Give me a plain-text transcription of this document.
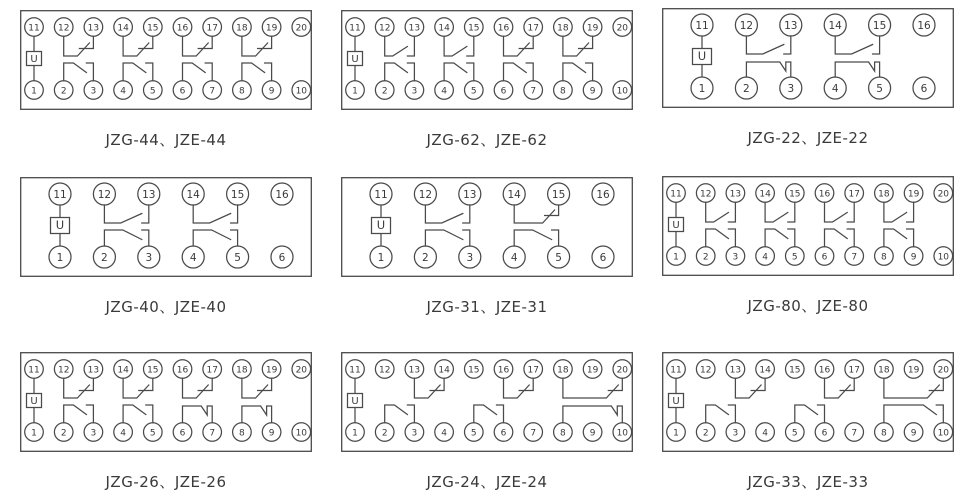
U
11 12 13 14 15 16 17 18 19 20
1	2	3	4	5	6	7	8	9 10
JZG-44、JZE-44
U
11 12 13 14 15 16 17 18 19 20
1	2	3	4	5	6	7	8	9 10
JZG-62、JZE-62
U
11	12	13	14	15	16
1	2	3	4	5	6
JZG-22、JZE-22
U
11	12	13	14	15	16
1	2	3	4	5	6
JZG-40、JZE-40
U
11	12	13	14	15	16
1	2	3	4	5	6
JZG-31、JZE-31
U
11 12 13 14 15 16 17 18 19 20
1	2	3	4	5	6	7	8	9 10
JZG-80、JZE-80
U
11 12 13 14 15 16 17 18 19 20
1	2	3	4	5	6	7	8	9 10
JZG-26、JZE-26
U
11 12 13 14 15 16 17 18 19 20
1	2	3	4	5	6	7	8	9 10
JZG-24、JZE-24
U
11 12 13 14 15 16 17 18 19 20
1	2	3	4	5	6	7	8	9 10
JZG-33、JZE-33
